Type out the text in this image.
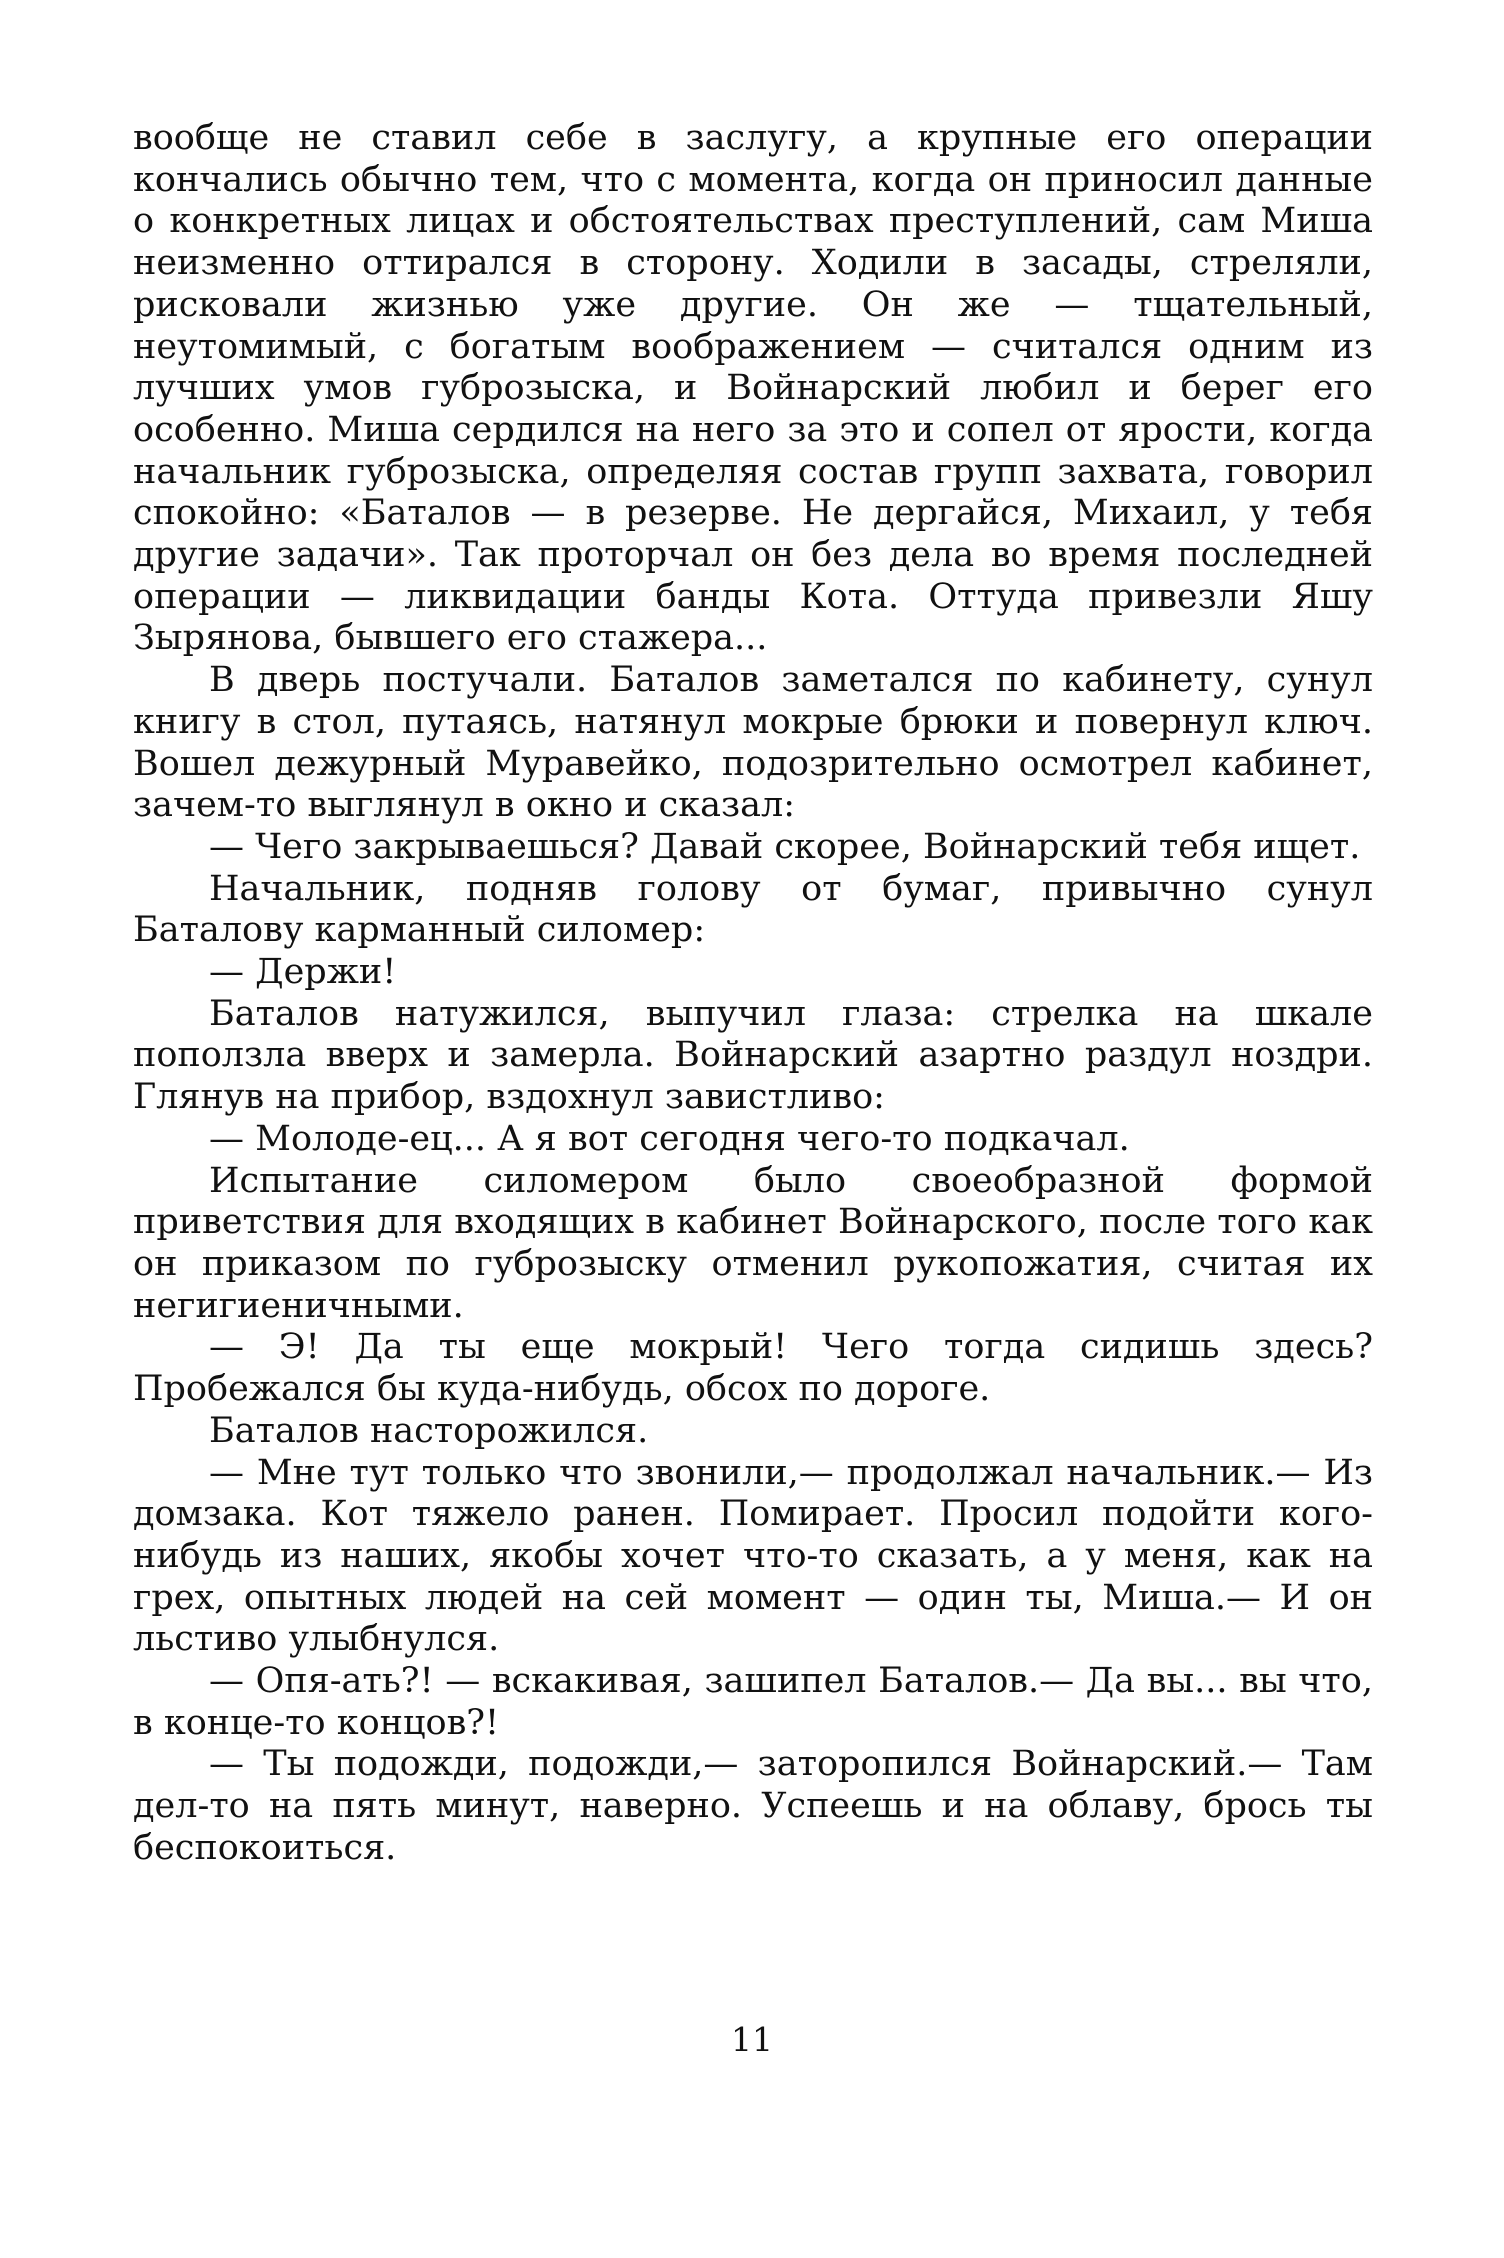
вообще не ставил себе в заслугу, а крупные его операции кончались обычно тем, что с момента, когда он приносил данные о конкретных лицах и обстоятельствах преступлений, сам Миша неизменно оттирался в сторону. Ходили в засады, стреляли, рисковали жизнью уже другие. Он же — тщательный, неутомимый, с богатым воображением — считался одним из лучших умов губрозыска, и Войнарский любил и берег его особенно. Миша сердился на него за это и сопел от ярости, когда начальник губрозыска, определяя состав групп захвата, говорил спокойно: «Баталов — в резерве. Не дергайся, Михаил, у тебя другие задачи». Так проторчал он без дела во время последней операции — ликвидации банды Кота. Оттуда привезли Яшу Зырянова, бывшего его стажера...

В дверь постучали. Баталов заметался по кабинету, сунул книгу в стол, путаясь, натянул мокрые брюки и повернул ключ. Вошел дежурный Муравейко, подозрительно осмотрел кабинет, зачем-то выглянул в окно и сказал:

— Чего закрываешься? Давай скорее, Войнарский тебя ищет.

Начальник, подняв голову от бумаг, привычно сунул Баталову карманный силомер:

— Держи!

Баталов натужился, выпучил глаза: стрелка на шкале поползла вверх и замерла. Войнарский азартно раздул ноздри. Глянув на прибор, вздохнул завистливо:

— Молоде-ец... А я вот сегодня чего-то подкачал.

Испытание силомером было своеобразной формой приветствия для входящих в кабинет Войнарского, после того как он приказом по губрозыску отменил рукопожатия, считая их негигиеничными.

— Э! Да ты еще мокрый! Чего тогда сидишь здесь? Пробежался бы куда-нибудь, обсох по дороге.

Баталов насторожился.

— Мне тут только что звонили,— продолжал начальник.— Из домзака. Кот тяжело ранен. Помирает. Просил подойти кого-нибудь из наших, якобы хочет что-то сказать, а у меня, как на грех, опытных людей на сей момент — один ты, Миша.— И он льстиво улыбнулся.

— Опя-ать?! — вскакивая, зашипел Баталов.— Да вы... вы что, в конце-то концов?!

— Ты подожди, подожди,— заторопился Войнарский.— Там дел-то на пять минут, наверно. Успеешь и на облаву, брось ты беспокоиться.

11
